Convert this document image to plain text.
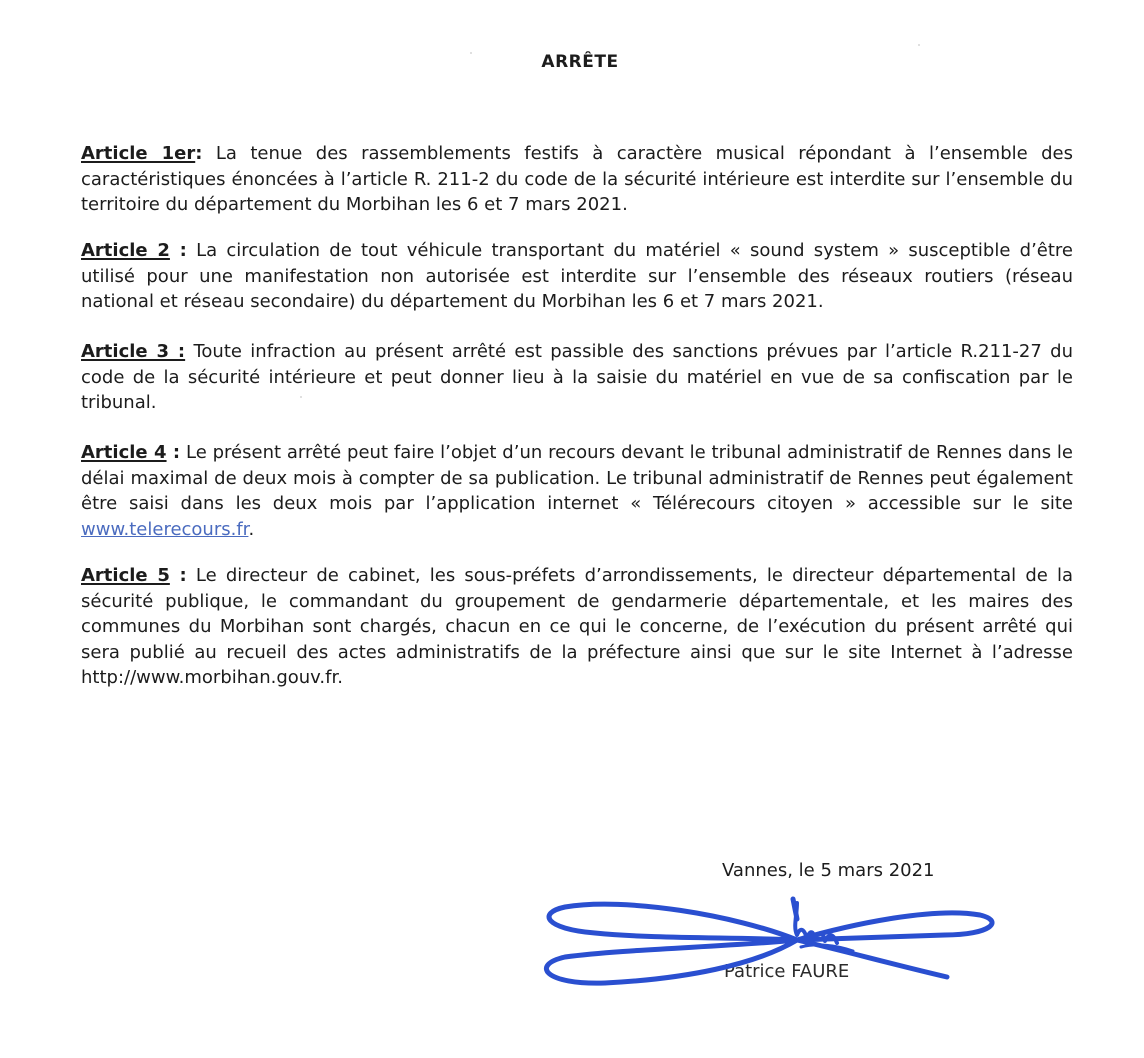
ARRÊTE

Article 1er: La tenue des rassemblements festifs à caractère musical répondant à l’ensemble des caractéristiques énoncées à l’article R. 211-2 du code de la sécurité intérieure est interdite sur l’ensemble du territoire du département du Morbihan les 6 et 7 mars 2021.

Article 2 : La circulation de tout véhicule transportant du matériel « sound system » susceptible d’être utilisé pour une manifestation non autorisée est interdite sur l’ensemble des réseaux routiers (réseau national et réseau secondaire) du département du Morbihan les 6 et 7 mars 2021.

Article 3 : Toute infraction au présent arrêté est passible des sanctions prévues par l’article R.211-27 du code de la sécurité intérieure et peut donner lieu à la saisie du matériel en vue de sa confiscation par le tribunal.

Article 4 : Le présent arrêté peut faire l’objet d’un recours devant le tribunal administratif de Rennes dans le délai maximal de deux mois à compter de sa publication. Le tribunal administratif de Rennes peut également être saisi dans les deux mois par l’application internet « Télérecours citoyen » accessible sur le site www.telerecours.fr.

Article 5 : Le directeur de cabinet, les sous-préfets d’arrondissements, le directeur départemental de la sécurité publique, le commandant du groupement de gendarmerie départementale, et les maires des communes du Morbihan sont chargés, chacun en ce qui le concerne, de l’exécution du présent arrêté qui sera publié au recueil des actes administratifs de la préfecture ainsi que sur le site Internet à l’adresse http://www.morbihan.gouv.fr.

Vannes, le 5 mars 2021
Patrice FAURE
